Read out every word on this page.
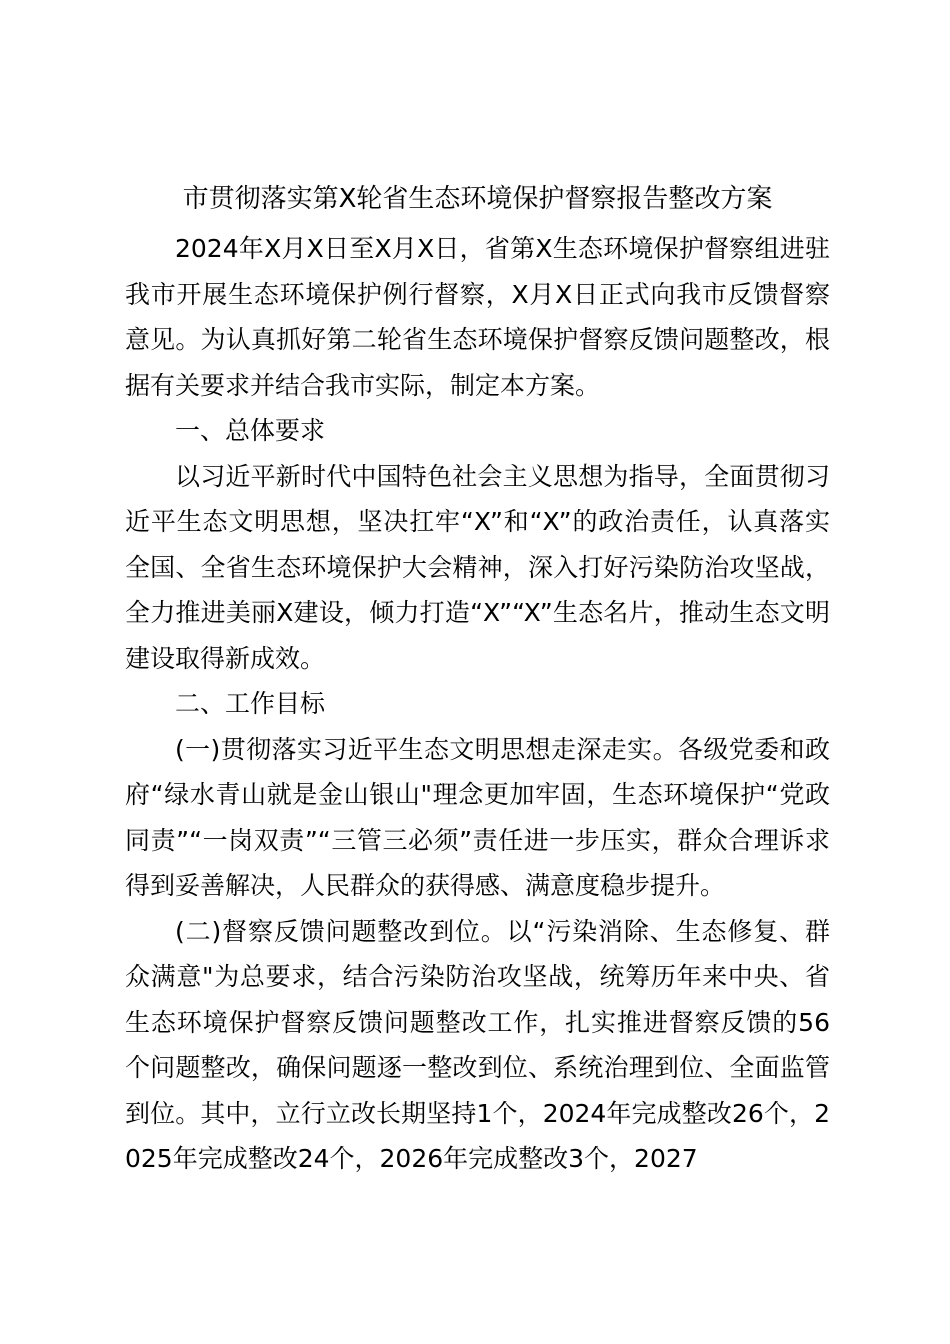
市贯彻落实第X轮省生态环境保护督察报告整改方案

2024年X月X日至X月X日，省第X生态环境保护督察组进驻我市开展生态环境保护例行督察，X月X日正式向我市反馈督察意见。为认真抓好第二轮省生态环境保护督察反馈问题整改，根据有关要求并结合我市实际，制定本方案。

一、总体要求

以习近平新时代中国特色社会主义思想为指导，全面贯彻习近平生态文明思想，坚决扛牢“X”和“X”的政治责任，认真落实全国、全省生态环境保护大会精神，深入打好污染防治攻坚战，全力推进美丽X建设，倾力打造“X”“X”生态名片，推动生态文明建设取得新成效。

二、工作目标

(一)贯彻落实习近平生态文明思想走深走实。各级党委和政府“绿水青山就是金山银山"理念更加牢固，生态环境保护“党政同责”“一岗双责”“三管三必须”责任进一步压实，群众合理诉求得到妥善解决，人民群众的获得感、满意度稳步提升。

(二)督察反馈问题整改到位。以“污染消除、生态修复、群众满意"为总要求，结合污染防治攻坚战，统筹历年来中央、省生态环境保护督察反馈问题整改工作，扎实推进督察反馈的56个问题整改，确保问题逐一整改到位、系统治理到位、全面监管到位。其中，立行立改长期坚持1个，2024年完成整改26个，2025年完成整改24个，2026年完成整改3个，2027
